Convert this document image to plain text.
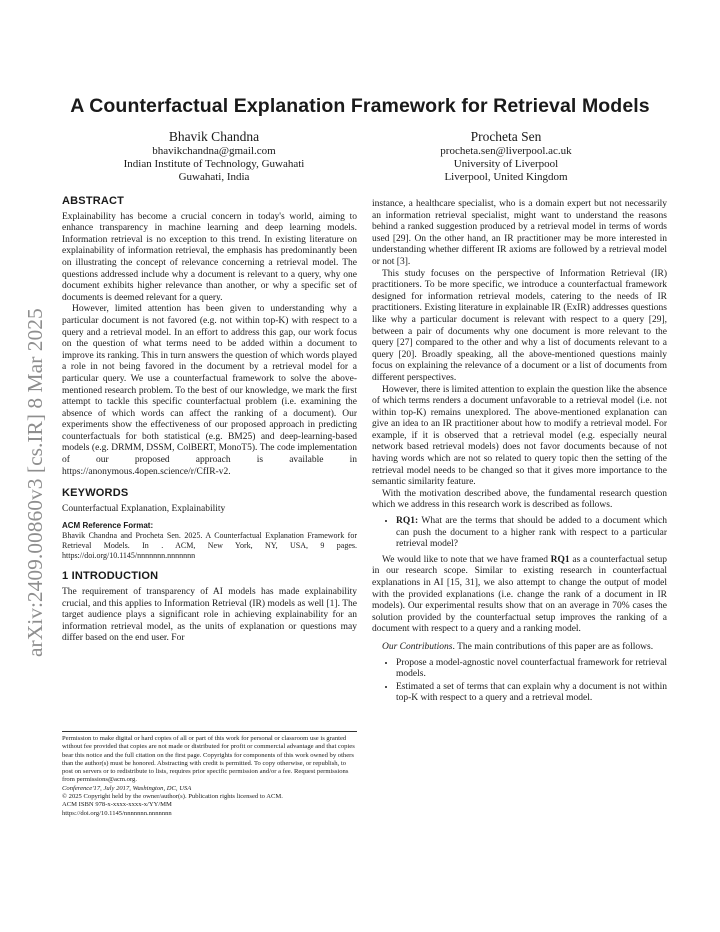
arXiv:2409.00860v3 [cs.IR] 8 Mar 2025
A Counterfactual Explanation Framework for Retrieval Models
Bhavik Chandna
bhavikchandna@gmail.com
Indian Institute of Technology, Guwahati
Guwahati, India
Procheta Sen
procheta.sen@liverpool.ac.uk
University of Liverpool
Liverpool, United Kingdom
ABSTRACT

Explainability has become a crucial concern in today's world, aiming to enhance transparency in machine learning and deep learning models. Information retrieval is no exception to this trend. In existing literature on explainability of information retrieval, the emphasis has predominantly been on illustrating the concept of relevance concerning a retrieval model. The questions addressed include why a document is relevant to a query, why one document exhibits higher relevance than another, or why a specific set of documents is deemed relevant for a query.

However, limited attention has been given to understanding why a particular document is not favored (e.g. not within top-K) with respect to a query and a retrieval model. In an effort to address this gap, our work focus on the question of what terms need to be added within a document to improve its ranking. This in turn answers the question of which words played a role in not being favored in the document by a retrieval model for a particular query. We use a counterfactual framework to solve the above-mentioned research problem. To the best of our knowledge, we mark the first attempt to tackle this specific counterfactual problem (i.e. examining the absence of which words can affect the ranking of a document). Our experiments show the effectiveness of our proposed approach in predicting counterfactuals for both statistical (e.g. BM25) and deep-learning-based models (e.g. DRMM, DSSM, ColBERT, MonoT5). The code implementation of our proposed approach is available in https://anonymous.4open.science/r/CfIR-v2.

KEYWORDS

Counterfactual Explanation, Explainability

ACM Reference Format:

Bhavik Chandna and Procheta Sen. 2025. A Counterfactual Explanation Framework for Retrieval Models. In . ACM, New York, NY, USA, 9 pages. https://doi.org/10.1145/nnnnnnn.nnnnnnn

1 INTRODUCTION

The requirement of transparency of AI models has made explainability crucial, and this applies to Information Retrieval (IR) models as well [1]. The target audience plays a significant role in achieving explainability for an information retrieval model, as the units of explanation or questions may differ based on the end user. For

Permission to make digital or hard copies of all or part of this work for personal or classroom use is granted without fee provided that copies are not made or distributed for profit or commercial advantage and that copies bear this notice and the full citation on the first page. Copyrights for components of this work owned by others than the author(s) must be honored. Abstracting with credit is permitted. To copy otherwise, or republish, to post on servers or to redistribute to lists, requires prior specific permission and/or a fee. Request permissions from permissions@acm.org.

Conference'17, July 2017, Washington, DC, USA

© 2025 Copyright held by the owner/author(s). Publication rights licensed to ACM.

ACM ISBN 978-x-xxxx-xxxx-x/YY/MM

https://doi.org/10.1145/nnnnnnn.nnnnnnn

instance, a healthcare specialist, who is a domain expert but not necessarily an information retrieval specialist, might want to understand the reasons behind a ranked suggestion produced by a retrieval model in terms of words used [29]. On the other hand, an IR practitioner may be more interested in understanding whether different IR axioms are followed by a retrieval model or not [3].

This study focuses on the perspective of Information Retrieval (IR) practitioners. To be more specific, we introduce a counterfactual framework designed for information retrieval models, catering to the needs of IR practitioners. Existing literature in explainable IR (ExIR) addresses questions like why a particular document is relevant with respect to a query [29], between a pair of documents why one document is more relevant to the query [27] compared to the other and why a list of documents relevant to a query [20]. Broadly speaking, all the above-mentioned questions mainly focus on explaining the relevance of a document or a list of documents from different perspectives.

However, there is limited attention to explain the question like the absence of which terms renders a document unfavorable to a retrieval model (i.e. not within top-K) remains unexplored. The above-mentioned explanation can give an idea to an IR practitioner about how to modify a retrieval model. For example, if it is observed that a retrieval model (e.g. especially neural network based retrieval models) does not favor documents because of not having words which are not so related to query topic then the setting of the retrieval model needs to be changed so that it gives more importance to the semantic similarity feature.

With the motivation described above, the fundamental research question which we address in this research work is described as follows.

• RQ1: What are the terms that should be added to a document which can push the document to a higher rank with respect to a particular retrieval model?

We would like to note that we have framed RQ1 as a counterfactual setup in our research scope. Similar to existing research in counterfactual explanations in AI [15, 31], we also attempt to change the output of model with the provided explanations (i.e. change the rank of a document in IR models). Our experimental results show that on an average in 70% cases the solution provided by the counterfactual setup improves the ranking of a document with respect to a query and a ranking model.

Our Contributions. The main contributions of this paper are as follows.

• Propose a model-agnostic novel counterfactual framework for retrieval models.
• Estimated a set of terms that can explain why a document is not within top-K with respect to a query and a retrieval model.
